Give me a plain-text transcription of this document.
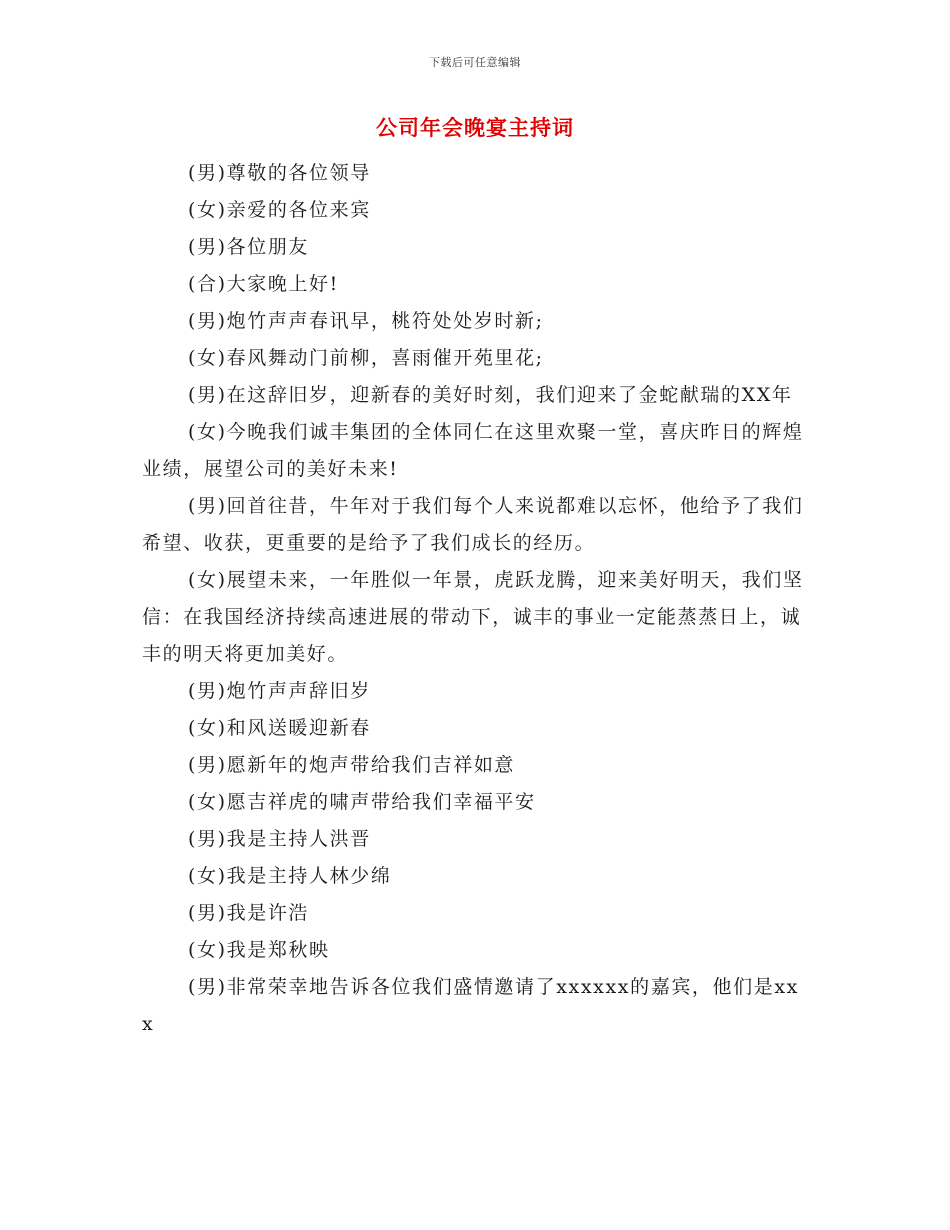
下载后可任意编辑
公司年会晚宴主持词

(男)尊敬的各位领导

(女)亲爱的各位来宾

(男)各位朋友

(合)大家晚上好!

(男)炮竹声声春讯早，桃符处处岁时新;

(女)春风舞动门前柳，喜雨催开苑里花;

(男)在这辞旧岁，迎新春的美好时刻，我们迎来了金蛇献瑞的XX年

(女)今晚我们诚丰集团的全体同仁在这里欢聚一堂，喜庆昨日的辉煌业绩，展望公司的美好未来!

(男)回首往昔，牛年对于我们每个人来说都难以忘怀，他给予了我们希望、收获，更重要的是给予了我们成长的经历。

(女)展望未来，一年胜似一年景，虎跃龙腾，迎来美好明天，我们坚信：在我国经济持续高速进展的带动下，诚丰的事业一定能蒸蒸日上，诚丰的明天将更加美好。

(男)炮竹声声辞旧岁

(女)和风送暖迎新春

(男)愿新年的炮声带给我们吉祥如意

(女)愿吉祥虎的啸声带给我们幸福平安

(男)我是主持人洪晋

(女)我是主持人林少绵

(男)我是许浩

(女)我是郑秋映

(男)非常荣幸地告诉各位我们盛情邀请了xxxxxx的嘉宾，他们是xxx
